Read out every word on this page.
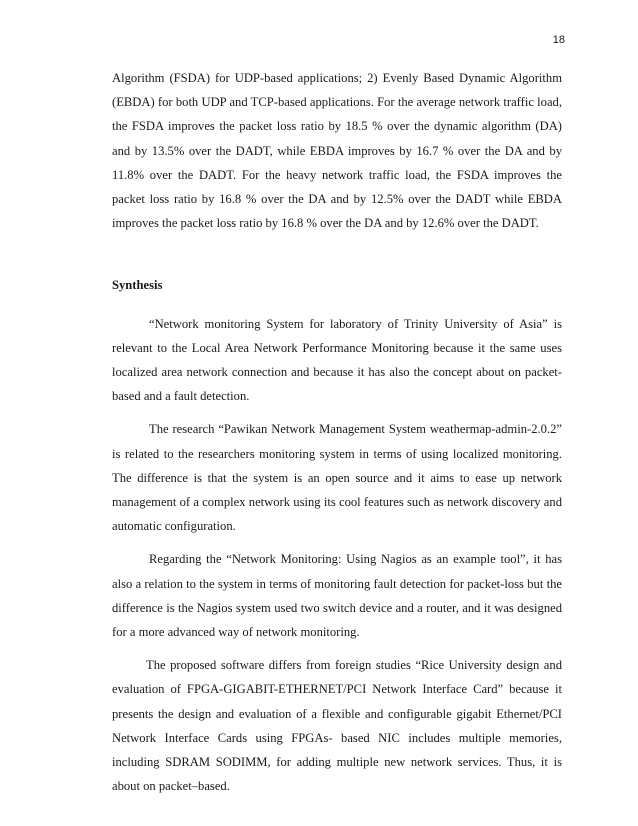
18

Algorithm (FSDA) for UDP-based applications; 2) Evenly Based Dynamic Algorithm (EBDA) for both UDP and TCP-based applications. For the average network traffic load, the FSDA improves the packet loss ratio by 18.5 % over the dynamic algorithm (DA) and by 13.5% over the DADT, while EBDA improves by 16.7 % over the DA and by 11.8% over the DADT. For the heavy network traffic load, the FSDA improves the packet loss ratio by 16.8 % over the DA and by 12.5% over the DADT while EBDA improves the packet loss ratio by 16.8 % over the DA and by 12.6% over the DADT.

Synthesis

“Network monitoring System for laboratory of Trinity University of Asia” is relevant to the Local Area Network Performance Monitoring because it the same uses localized area network connection and because it has also the concept about on packet-based and a fault detection.

The research “Pawikan Network Management System weathermap-admin-2.0.2” is related to the researchers monitoring system in terms of using localized monitoring. The difference is that the system is an open source and it aims to ease up network management of a complex network using its cool features such as network discovery and automatic configuration.

Regarding the “Network Monitoring: Using Nagios as an example tool”, it has also a relation to the system in terms of monitoring fault detection for packet-loss but the difference is the Nagios system used two switch device and a router, and it was designed for a more advanced way of network monitoring.

The proposed software differs from foreign studies “Rice University design and evaluation of FPGA-GIGABIT-ETHERNET/PCI Network Interface Card” because it presents the design and evaluation of a flexible and configurable gigabit Ethernet/PCI Network Interface Cards using FPGAs- based NIC includes multiple memories, including SDRAM SODIMM, for adding multiple new network services. Thus, it is about on packet–based.
